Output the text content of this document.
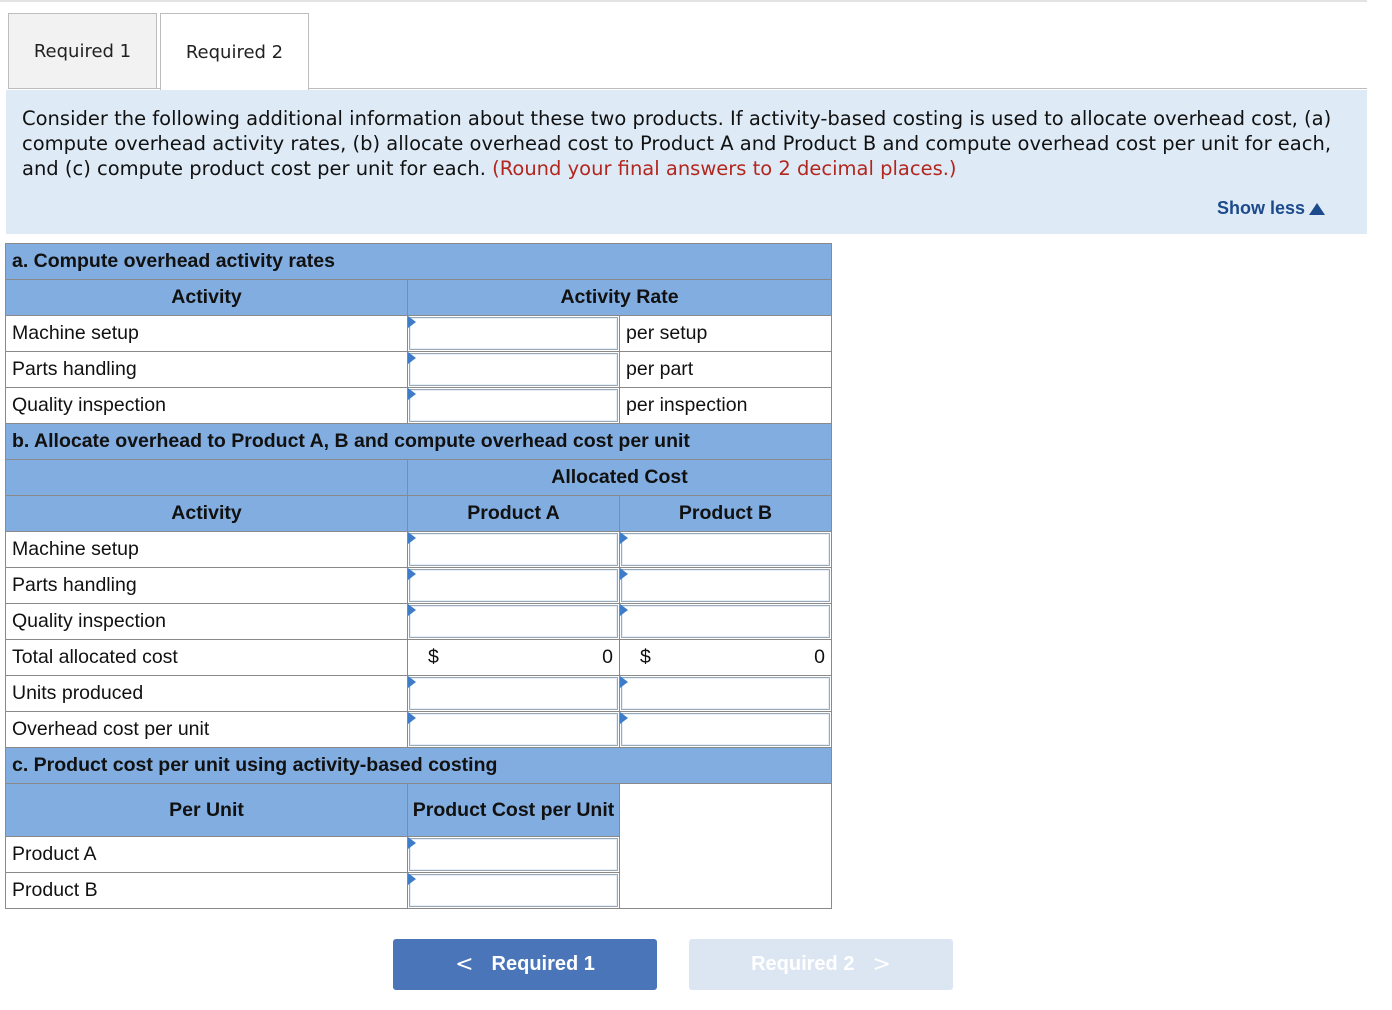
Required 1	Required 2

Consider the following additional information about these two products. If activity-based costing is used to allocate overhead cost, (a) compute overhead activity rates, (b) allocate overhead cost to Product A and Product B and compute overhead cost per unit for each, and (c) compute product cost per unit for each. (Round your final answers to 2 decimal places.)

Show less
a. Compute overhead activity rates		
Activity	Activity Rate	
Machine setup		per setup
Parts handling		per part
Quality inspection		per inspection
b. Allocate overhead to Product A, B and compute overhead cost per unit		
	Allocated Cost	
Activity	Product A	Product B
Machine setup	

Parts handling	

Quality inspection	

Total allocated cost	$ 0	$ 0

Units produced	

Overhead cost per unit	

c. Product cost per unit using activity-based costing		
Per Unit	Product Cost per Unit	
Product A		

Product B		
< Required 1	Required 2 >
